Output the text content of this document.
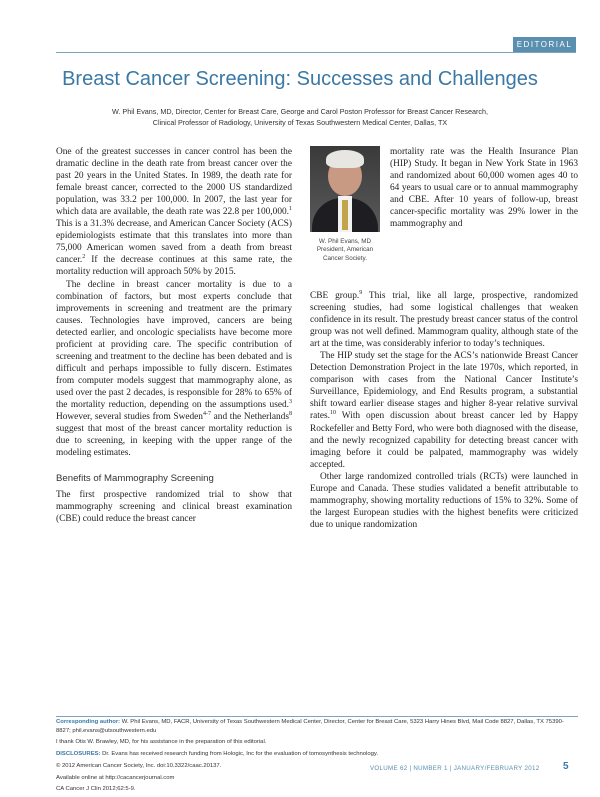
EDITORIAL
Breast Cancer Screening: Successes and Challenges
W. Phil Evans, MD, Director, Center for Breast Care, George and Carol Poston Professor for Breast Cancer Research,
Clinical Professor of Radiology, University of Texas Southwestern Medical Center, Dallas, TX

One of the greatest successes in cancer control has been the dramatic decline in the death rate from breast cancer over the past 20 years in the United States. In 1989, the death rate for female breast cancer, corrected to the 2000 US standardized population, was 33.2 per 100,000. In 2007, the last year for which data are available, the death rate was 22.8 per 100,000.$^1$ This is a 31.3% decrease, and American Cancer Society (ACS) epidemiologists estimate that this translates into more than 75,000 American women saved from a death from breast cancer.$^2$ If the decrease continues at this same rate, the mortality reduction will approach 50% by 2015.

The decline in breast cancer mortality is due to a combination of factors, but most experts conclude that improvements in screening and treatment are the primary causes. Technologies have improved, cancers are being detected earlier, and oncologic specialists have become more proficient at providing care. The specific contribution of screening and treatment to the decline has been debated and is difficult and perhaps impossible to fully discern. Estimates from computer models suggest that mammography alone, as used over the past 2 decades, is responsible for 28% to 65% of the mortality reduction, depending on the assumptions used.$^3$ However, several studies from Sweden$^{4-7}$ and the Netherlands$^8$ suggest that most of the breast cancer mortality reduction is due to screening, in keeping with the upper range of the modeling estimates.

Benefits of Mammography Screening

The first prospective randomized trial to show that mammography screening and clinical breast examination (CBE) could reduce the breast cancer

W. Phil Evans, MD
President, American Cancer Society.

mortality rate was the Health Insurance Plan (HIP) Study. It began in New York State in 1963 and randomized about 60,000 women ages 40 to 64 years to usual care or to annual mammography and CBE. After 10 years of follow-up, breast cancer-specific mortality was 29% lower in the mammography and

CBE group.$^9$ This trial, like all large, prospective, randomized screening studies, had some logistical challenges that weaken confidence in its result. The prestudy breast cancer status of the control group was not well defined. Mammogram quality, although state of the art at the time, was considerably inferior to today’s techniques.

The HIP study set the stage for the ACS’s nationwide Breast Cancer Detection Demonstration Project in the late 1970s, which reported, in comparison with cases from the National Cancer Institute’s Surveillance, Epidemiology, and End Results program, a substantial shift toward earlier disease stages and higher 8-year relative survival rates.$^{10}$ With open discussion about breast cancer led by Happy Rockefeller and Betty Ford, who were both diagnosed with the disease, and the newly recognized capability for detecting breast cancer with imaging before it could be palpated, mammography was widely accepted.

Other large randomized controlled trials (RCTs) were launched in Europe and Canada. These studies validated a benefit attributable to mammography, showing mortality reductions of 15% to 32%. Some of the largest European studies with the highest benefits were criticized due to unique randomization

Corresponding author: W. Phil Evans, MD, FACR, University of Texas Southwestern Medical Center, Director, Center for Breast Care, 5323 Harry Hines Blvd, Mail Code 8827, Dallas, TX 75390-8827; phil.evans@utsouthwestern.edu

I thank Otis W. Brawley, MD, for his assistance in the preparation of this editorial.

DISCLOSURES: Dr. Evans has received research funding from Hologic, Inc for the evaluation of tomosynthesis technology.

© 2012 American Cancer Society, Inc. doi:10.3322/caac.20137.

Available online at http://cacancerjournal.com

CA Cancer J Clin 2012;62:5-9.

VOLUME 62 | NUMBER 1 | JANUARY/FEBRUARY 2012 5
